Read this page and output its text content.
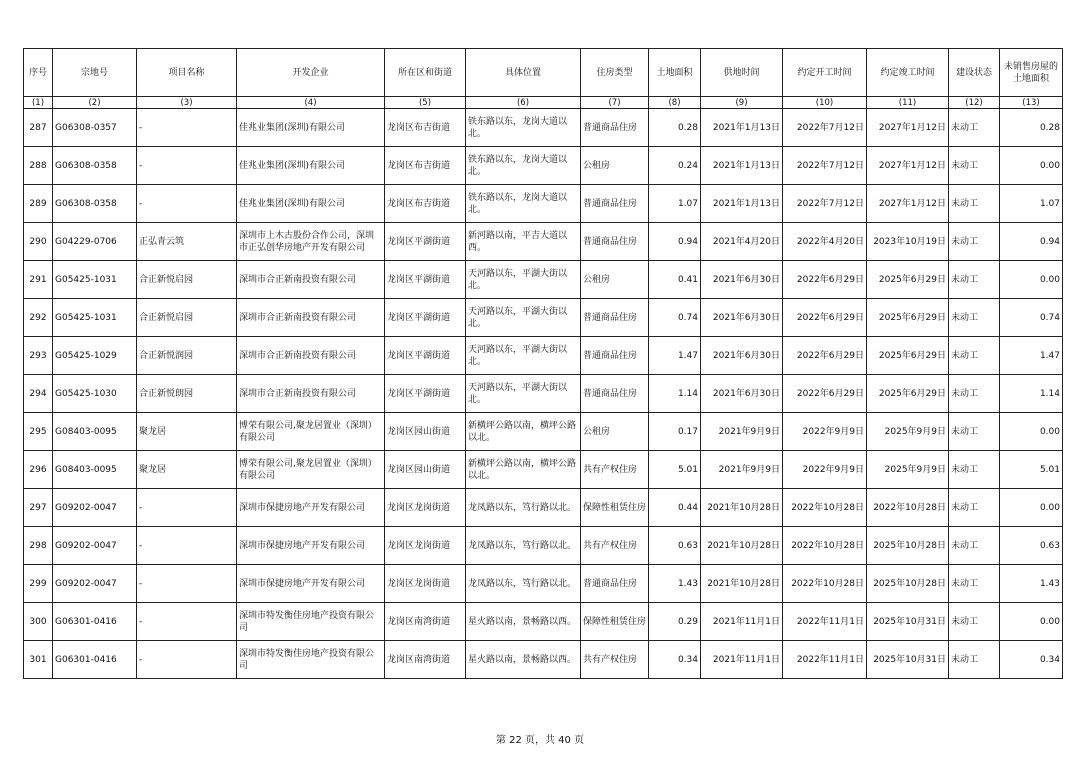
序号	宗地号	项目名称	开发企业	所在区和街道	具体位置	住房类型	土地面积	供地时间	约定开工时间	约定竣工时间	建设状态	未销售房屋的土地面积
(1)	(2)	(3)	(4)	(5)	(6)	(7)	(8)	(9)	(10)	(11)	(12)	(13)
287	G06308-0357	-	佳兆业集团(深圳)有限公司	龙岗区布吉街道	铁东路以东，龙岗大道以北。	普通商品住房	0.28	2021年1月13日	2022年7月12日	2027年1月12日	未动工	0.28
288	G06308-0358	-	佳兆业集团(深圳)有限公司	龙岗区布吉街道	铁东路以东，龙岗大道以北。	公租房	0.24	2021年1月13日	2022年7月12日	2027年1月12日	未动工	0.00
289	G06308-0358	-	佳兆业集团(深圳)有限公司	龙岗区布吉街道	铁东路以东，龙岗大道以北。	普通商品住房	1.07	2021年1月13日	2022年7月12日	2027年1月12日	未动工	1.07
290	G04229-0706	正弘青云筑	深圳市上木古股份合作公司，深圳市正弘创华房地产开发有限公司	龙岗区平湖街道	新河路以南，平吉大道以西。	普通商品住房	0.94	2021年4月20日	2022年4月20日	2023年10月19日	未动工	0.94
291	G05425-1031	合正新悦启园	深圳市合正新南投资有限公司	龙岗区平湖街道	天河路以东，平湖大街以北。	公租房	0.41	2021年6月30日	2022年6月29日	2025年6月29日	未动工	0.00
292	G05425-1031	合正新悦启园	深圳市合正新南投资有限公司	龙岗区平湖街道	天河路以东，平湖大街以北。	普通商品住房	0.74	2021年6月30日	2022年6月29日	2025年6月29日	未动工	0.74
293	G05425-1029	合正新悦润园	深圳市合正新南投资有限公司	龙岗区平湖街道	天河路以东，平湖大街以北。	普通商品住房	1.47	2021年6月30日	2022年6月29日	2025年6月29日	未动工	1.47
294	G05425-1030	合正新悦朗园	深圳市合正新南投资有限公司	龙岗区平湖街道	天河路以东，平湖大街以北。	普通商品住房	1.14	2021年6月30日	2022年6月29日	2025年6月29日	未动工	1.14
295	G08403-0095	聚龙居	博荣有限公司,聚龙居置业（深圳）有限公司	龙岗区园山街道	新横坪公路以南，横坪公路以北。	公租房	0.17	2021年9月9日	2022年9月9日	2025年9月9日	未动工	0.00
296	G08403-0095	聚龙居	博荣有限公司,聚龙居置业（深圳）有限公司	龙岗区园山街道	新横坪公路以南，横坪公路以北。	共有产权住房	5.01	2021年9月9日	2022年9月9日	2025年9月9日	未动工	5.01
297	G09202-0047	-	深圳市保捷房地产开发有限公司	龙岗区龙岗街道	龙凤路以东，笃行路以北。	保障性租赁住房	0.44	2021年10月28日	2022年10月28日	2022年10月28日	未动工	0.00
298	G09202-0047	-	深圳市保捷房地产开发有限公司	龙岗区龙岗街道	龙凤路以东，笃行路以北。	共有产权住房	0.63	2021年10月28日	2022年10月28日	2025年10月28日	未动工	0.63
299	G09202-0047	-	深圳市保捷房地产开发有限公司	龙岗区龙岗街道	龙凤路以东，笃行路以北。	普通商品住房	1.43	2021年10月28日	2022年10月28日	2025年10月28日	未动工	1.43
300	G06301-0416	-	深圳市特发衡佳房地产投资有限公司	龙岗区南湾街道	星火路以南，景畅路以西。	保障性租赁住房	0.29	2021年11月1日	2022年11月1日	2025年10月31日	未动工	0.00
301	G06301-0416	-	深圳市特发衡佳房地产投资有限公司	龙岗区南湾街道	星火路以南，景畅路以西。	共有产权住房	0.34	2021年11月1日	2022年11月1日	2025年10月31日	未动工	0.34
第 22 页，共 40 页
